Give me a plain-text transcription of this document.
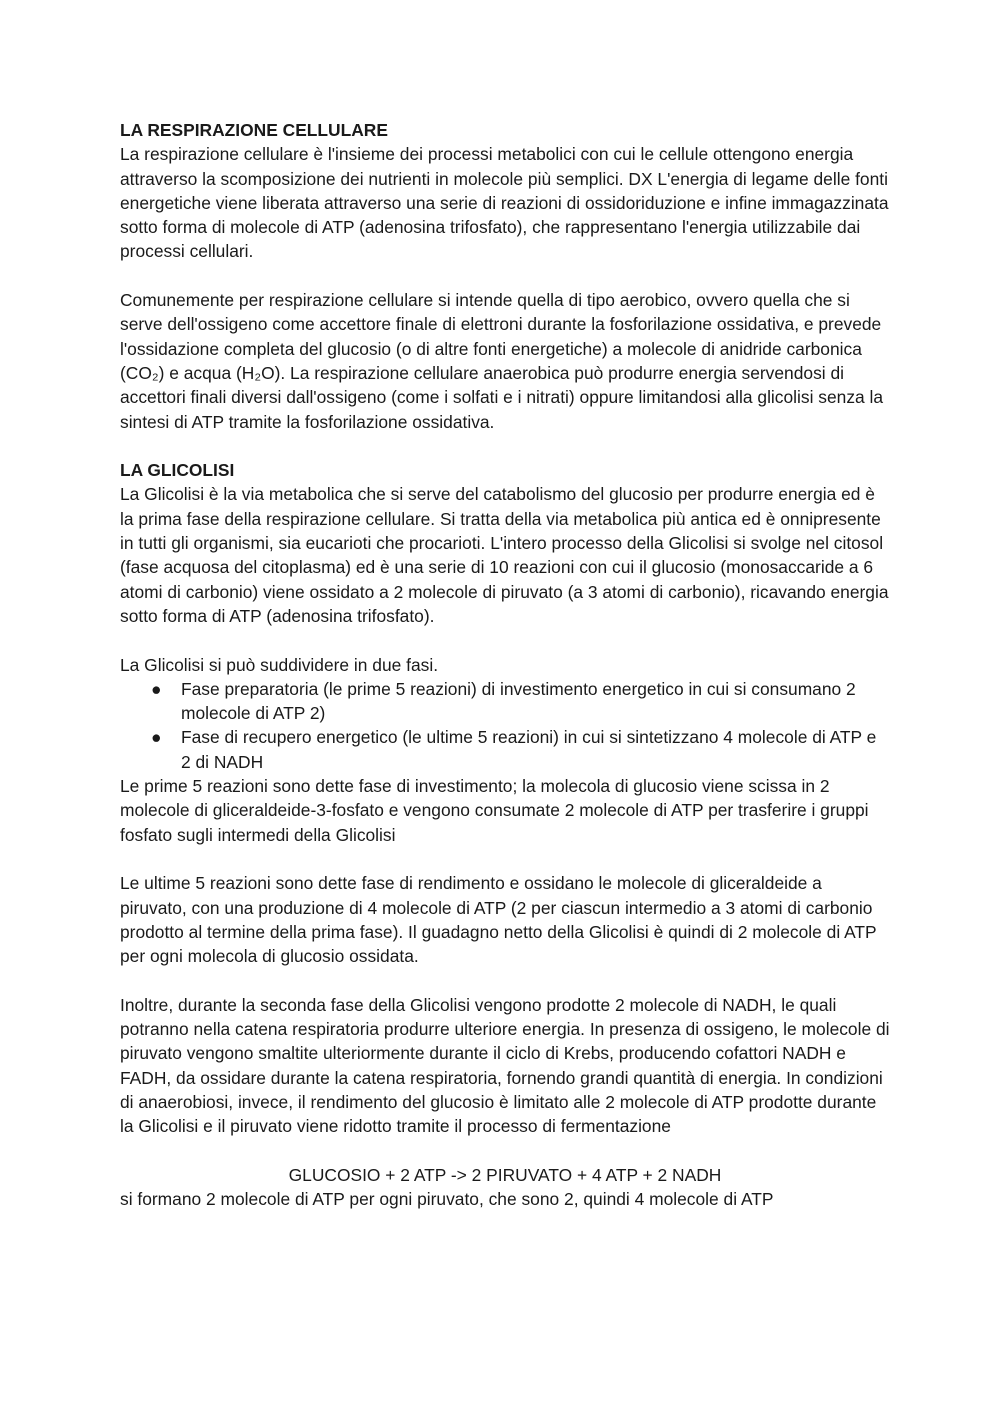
LA RESPIRAZIONE CELLULARE

La respirazione cellulare è l'insieme dei processi metabolici con cui le cellule ottengono energia attraverso la scomposizione dei nutrienti in molecole più semplici. DX L'energia di legame delle fonti energetiche viene liberata attraverso una serie di reazioni di ossidoriduzione e infine immagazzinata sotto forma di molecole di ATP (adenosina trifosfato), che rappresentano l'energia utilizzabile dai processi cellulari.

Comunemente per respirazione cellulare si intende quella di tipo aerobico, ovvero quella che si serve dell'ossigeno come accettore finale di elettroni durante la fosforilazione ossidativa, e prevede l'ossidazione completa del glucosio (o di altre fonti energetiche) a molecole di anidride carbonica (CO₂) e acqua (H₂O). La respirazione cellulare anaerobica può produrre energia servendosi di accettori finali diversi dall'ossigeno (come i solfati e i nitrati) oppure limitandosi alla glicolisi senza la sintesi di ATP tramite la fosforilazione ossidativa.

LA GLICOLISI

La Glicolisi è la via metabolica che si serve del catabolismo del glucosio per produrre energia ed è la prima fase della respirazione cellulare. Si tratta della via metabolica più antica ed è onnipresente in tutti gli organismi, sia eucarioti che procarioti. L'intero processo della Glicolisi si svolge nel citosol (fase acquosa del citoplasma) ed è una serie di 10 reazioni con cui il glucosio (monosaccaride a 6 atomi di carbonio) viene ossidato a 2 molecole di piruvato (a 3 atomi di carbonio), ricavando energia sotto forma di ATP (adenosina trifosfato).

La Glicolisi si può suddividere in due fasi.

● Fase preparatoria (le prime 5 reazioni) di investimento energetico in cui si consumano 2 molecole di ATP 2)
● Fase di recupero energetico (le ultime 5 reazioni) in cui si sintetizzano 4 molecole di ATP e 2 di NADH

Le prime 5 reazioni sono dette fase di investimento; la molecola di glucosio viene scissa in 2 molecole di gliceraldeide-3-fosfato e vengono consumate 2 molecole di ATP per trasferire i gruppi fosfato sugli intermedi della Glicolisi

Le ultime 5 reazioni sono dette fase di rendimento e ossidano le molecole di gliceraldeide a piruvato, con una produzione di 4 molecole di ATP (2 per ciascun intermedio a 3 atomi di carbonio prodotto al termine della prima fase). Il guadagno netto della Glicolisi è quindi di 2 molecole di ATP per ogni molecola di glucosio ossidata.

Inoltre, durante la seconda fase della Glicolisi vengono prodotte 2 molecole di NADH, le quali potranno nella catena respiratoria produrre ulteriore energia. In presenza di ossigeno, le molecole di piruvato vengono smaltite ulteriormente durante il ciclo di Krebs, producendo cofattori NADH e FADH, da ossidare durante la catena respiratoria, fornendo grandi quantità di energia. In condizioni di anaerobiosi, invece, il rendimento del glucosio è limitato alle 2 molecole di ATP prodotte durante la Glicolisi e il piruvato viene ridotto tramite il processo di fermentazione

GLUCOSIO + 2 ATP -> 2 PIRUVATO + 4 ATP + 2 NADH

si formano 2 molecole di ATP per ogni piruvato, che sono 2, quindi 4 molecole di ATP
